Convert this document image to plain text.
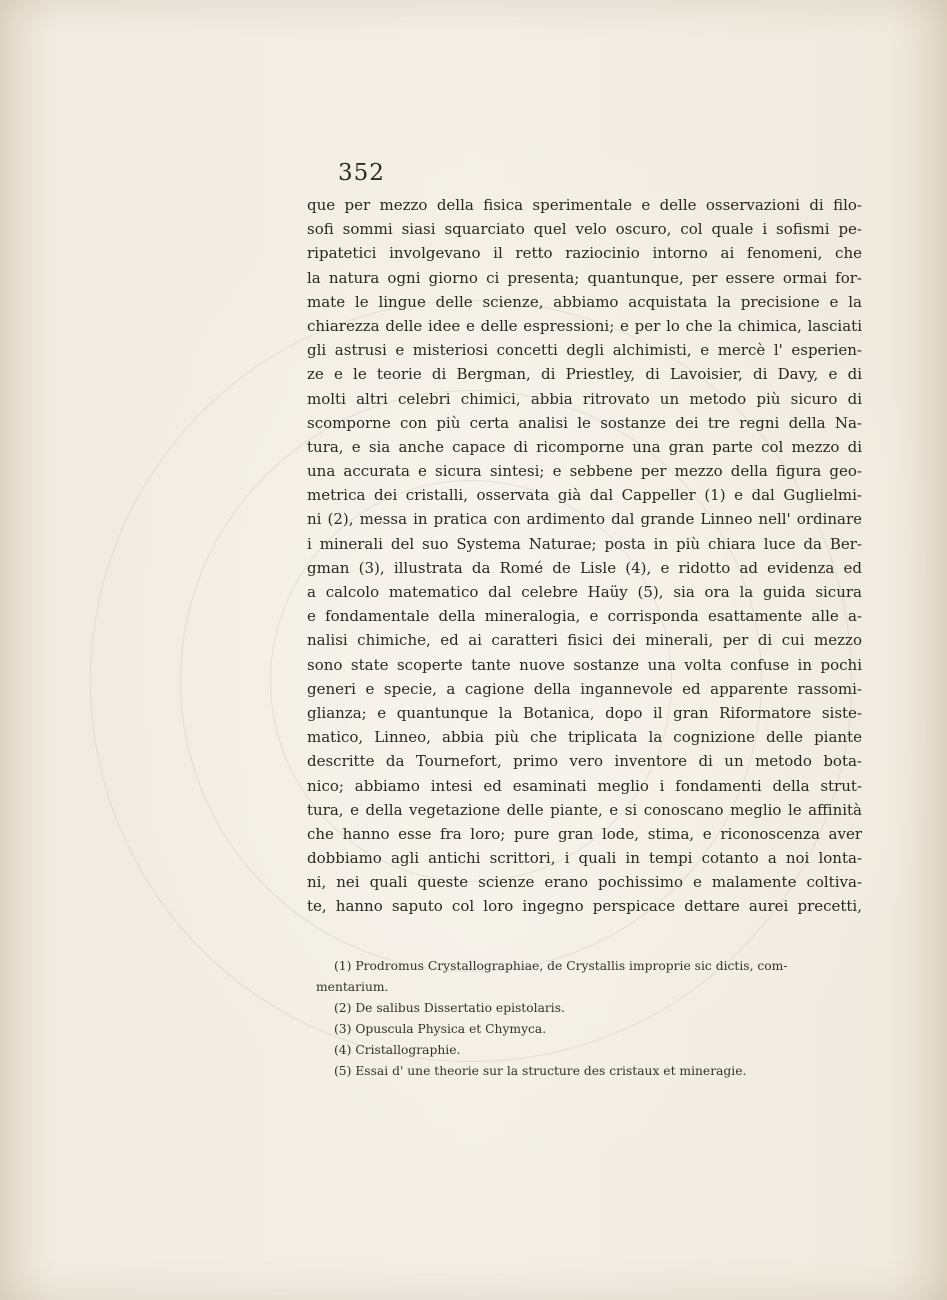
352
que per mezzo della fisica sperimentale e delle osservazioni di filo-
sofi sommi siasi squarciato quel velo oscuro, col quale i sofismi pe-
ripatetici involgevano il retto raziocinio intorno ai fenomeni, che
la natura ogni giorno ci presenta; quantunque, per essere ormai for-
mate le lingue delle scienze, abbiamo acquistata la precisione e la
chiarezza delle idee e delle espressioni; e per lo che la chimica, lasciati
gli astrusi e misteriosi concetti degli alchimisti, e mercè l' esperien-
ze e le teorie di Bergman, di Priestley, di Lavoisier, di Davy, e di
molti altri celebri chimici, abbia ritrovato un metodo più sicuro di
scomporne con più certa analisi le sostanze dei tre regni della Na-
tura, e sia anche capace di ricomporne una gran parte col mezzo di
una accurata e sicura sintesi; e sebbene per mezzo della figura geo-
metrica dei cristalli, osservata già dal Cappeller (1) e dal Guglielmi-
ni (2), messa in pratica con ardimento dal grande Linneo nell' ordinare
i minerali del suo Systema Naturae; posta in più chiara luce da Ber-
gman (3), illustrata da Romé de Lisle (4), e ridotto ad evidenza ed
a calcolo matematico dal celebre Haüy (5), sia ora la guida sicura
e fondamentale della mineralogia, e corrisponda esattamente alle a-
nalisi chimiche, ed ai caratteri fisici dei minerali, per di cui mezzo
sono state scoperte tante nuove sostanze una volta confuse in pochi
generi e specie, a cagione della ingannevole ed apparente rassomi-
glianza; e quantunque la Botanica, dopo il gran Riformatore siste-
matico, Linneo, abbia più che triplicata la cognizione delle piante
descritte da Tournefort, primo vero inventore di un metodo bota-
nico; abbiamo intesi ed esaminati meglio i fondamenti della strut-
tura, e della vegetazione delle piante, e si conoscano meglio le affinità
che hanno esse fra loro; pure gran lode, stima, e riconoscenza aver
dobbiamo agli antichi scrittori, i quali in tempi cotanto a noi lonta-
ni, nei quali queste scienze erano pochissimo e malamente coltiva-
te, hanno saputo col loro ingegno perspicace dettare aurei precetti,
(1) Prodromus Crystallographiae, de Crystallis improprie sic dictis, com-
mentarium.
(2) De salibus Dissertatio epistolaris.
(3) Opuscula Physica et Chymyca.
(4) Cristallographie.
(5) Essai d' une theorie sur la structure des cristaux et mineragie.
